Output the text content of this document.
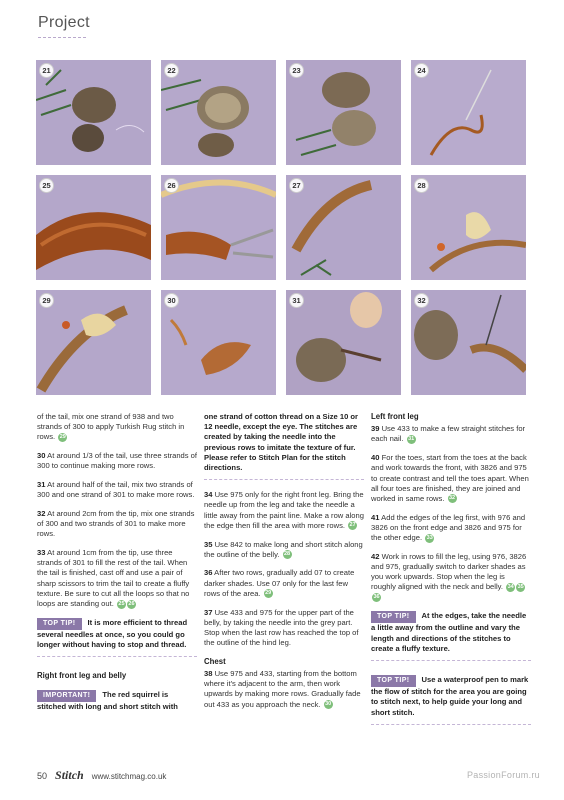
Project
21	22	23	24
25	26	27	28
29	30	31	32

of the tail, mix one strand of 938 and two strands of 300 to apply Turkish Rug stitch in rows. 29

30 At around 1/3 of the tail, use three strands of 300 to continue making more rows.

31 At around half of the tail, mix two strands of 300 and one strand of 301 to make more rows.

32 At around 2cm from the tip, mix one strands of 300 and two strands of 301 to make more rows.

33 At around 1cm from the tip, use three strands of 301 to fill the rest of the tail. When the tail is finished, cast off and use a pair of sharp scissors to trim the tail to create a fluffy texture. Be sure to cut all the loops so that no loops are standing out. 25 26

TOP TIP! It is more efficient to thread several needles at once, so you could go longer without having to stop and thread.

Right front leg and belly

IMPORTANT! The red squirrel is stitched with long and short stitch with
one strand of cotton thread on a Size 10 or 12 needle, except the eye. The stitches are created by taking the needle into the previous rows to imitate the texture of fur. Please refer to Stitch Plan for the stitch directions.

34 Use 975 only for the right front leg. Bring the needle up from the leg and take the needle a little away from the paint line. Make a row along the edge then fill the area with more rows. 27

35 Use 842 to make long and short stitch along the outline of the belly. 28

36 After two rows, gradually add 07 to create darker shades. Use 07 only for the last few rows of the area. 29

37 Use 433 and 975 for the upper part of the belly, by taking the needle into the grey part. Stop when the last row has reached the top of the outline of the hind leg.

Chest

38 Use 975 and 433, starting from the bottom where it's adjacent to the arm, then work upwards by making more rows. Gradually fade out 433 as you approach the neck. 30

Left front leg

39 Use 433 to make a few straight stitches for each nail. 31

40 For the toes, start from the toes at the back and work towards the front, with 3826 and 975 to create contrast and tell the toes apart. When all four toes are finished, they are joined and worked in same rows. 32

41 Add the edges of the leg first, with 976 and 3826 on the front edge and 3826 and 975 for the other edge. 33

42 Work in rows to fill the leg, using 976, 3826 and 975, gradually switch to darker shades as you work upwards. Stop when the leg is roughly aligned with the neck and belly. 34 3536

TOP TIP! At the edges, take the needle a little away from the outline and vary the length and directions of the stitches to create a fluffy texture.
TOP TIP! Use a waterproof pen to mark the flow of stitch for the area you are going to stitch next, to help guide your long and short stitch.
50 Stitch www.stitchmag.co.uk	PassionForum.ru
